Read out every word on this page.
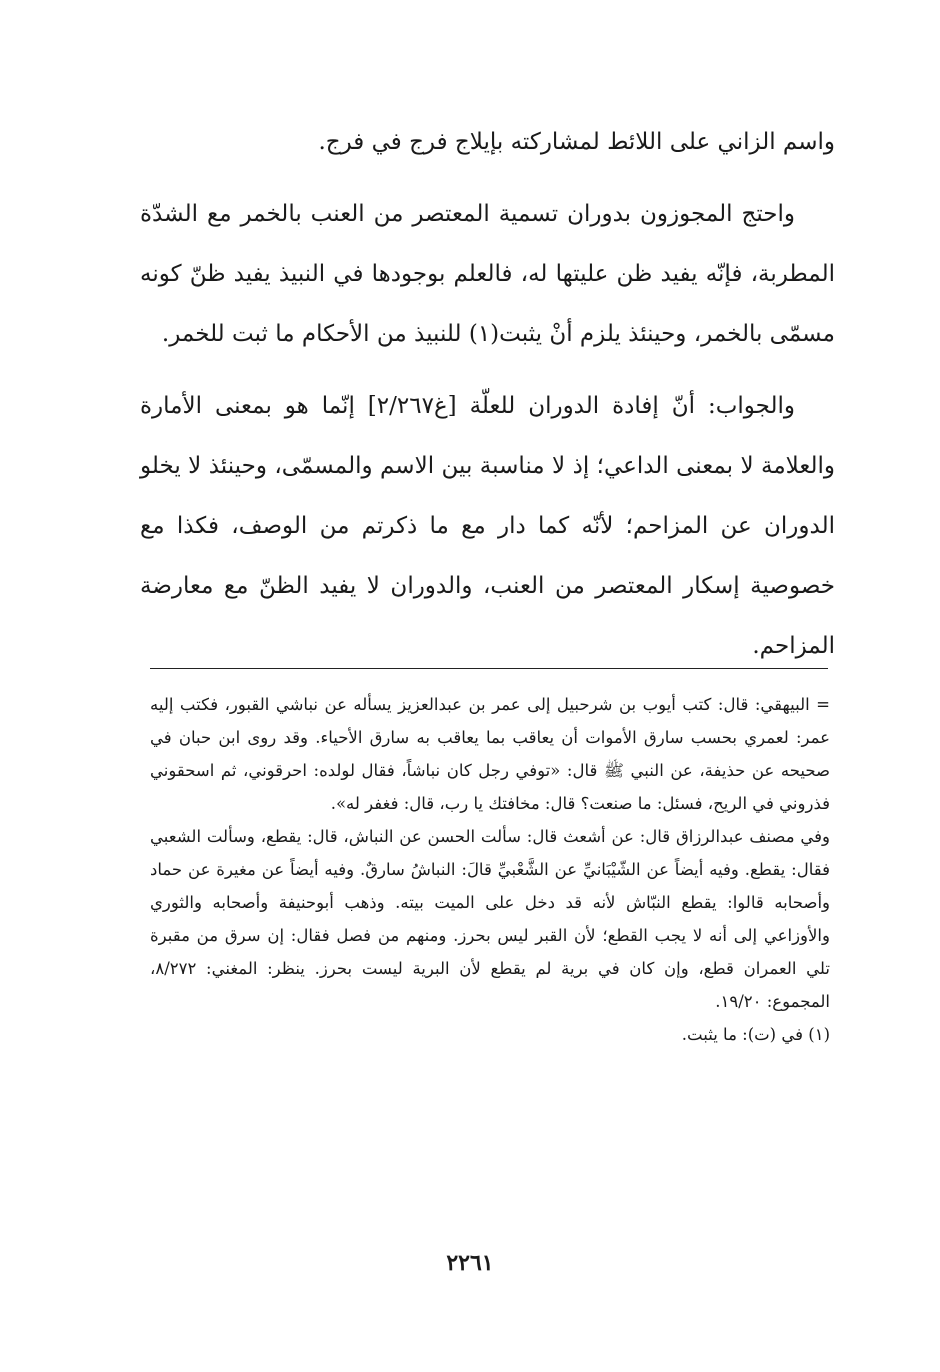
واسم الزاني على اللائط لمشاركته بإيلاج فرج في فرج.

واحتج المجوزون بدوران تسمية المعتصر من العنب بالخمر مع الشدّة المطربة، فإنّه يفيد ظن عليتها له، فالعلم بوجودها في النبيذ يفيد ظنّ كونه مسمّى بالخمر، وحينئذ يلزم أنْ يثبت(١) للنبيذ من الأحكام ما ثبت للخمر.

والجواب: أنّ إفادة الدوران للعلّة [غ٢/٢٦٧] إنّما هو بمعنى الأمارة والعلامة لا بمعنى الداعي؛ إذ لا مناسبة بين الاسم والمسمّى، وحينئذ لا يخلو الدوران عن المزاحم؛ لأنّه كما دار مع ما ذكرتم من الوصف، فكذا مع خصوصية إسكار المعتصر من العنب، والدوران لا يفيد الظنّ مع معارضة المزاحم.

= البيهقي: قال: كتب أيوب بن شرحبيل إلى عمر بن عبدالعزيز يسأله عن نباشي القبور، فكتب إليه عمر: لعمري بحسب سارق الأموات أن يعاقب بما يعاقب به سارق الأحياء. وقد روى ابن حبان في صحيحه عن حذيفة، عن النبي ﷺ قال: «توفي رجل كان نباشاً، فقال لولده: احرقوني، ثم اسحقوني فذروني في الريح، فسئل: ما صنعت؟ قال: مخافتك يا رب، قال: فغفر له».

وفي مصنف عبدالرزاق قال: عن أشعث قال: سألت الحسن عن النباش، قال: يقطع، وسألت الشعبي فقال: يقطع. وفيه أيضاً عن الشّيْبَانيِّ عن الشَّعْبيِّ قالَ: النباشُ سارقٌ. وفيه أيضاً عن مغيرة عن حماد وأصحابه قالوا: يقطع النبّاش لأنه قد دخل على الميت بيته. وذهب أبوحنيفة وأصحابه والثوري والأوزاعي إلى أنه لا يجب القطع؛ لأن القبر ليس بحرز. ومنهم من فصل فقال: إن سرق من مقبرة تلي العمران قطع، وإن كان في برية لم يقطع لأن البرية ليست بحرز. ينظر: المغني: ٨/٢٧٢، المجموع: ١٩/٢٠.

(١) في (ت): ما يثبت.

٢٢٦١
